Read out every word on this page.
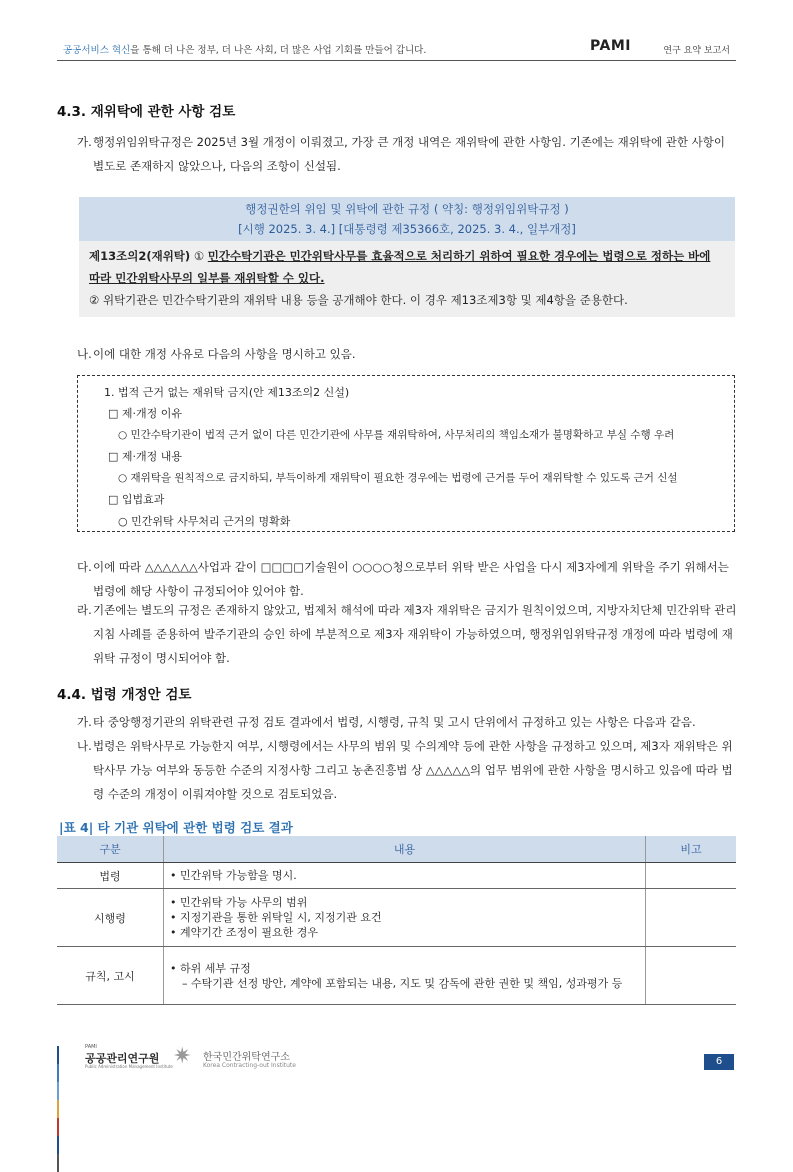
공공서비스 혁신을 통해 더 나은 정부, 더 나은 사회, 더 많은 사업 기회를 만들어 갑니다.	PAMI	연구 요약 보고서
4.3. 재위탁에 관한 사항 검토
가. 행정위임위탁규정은 2025년 3월 개정이 이뤄졌고, 가장 큰 개정 내역은 재위탁에 관한 사항임. 기존에는 재위탁에 관한 사항이 별도로 존재하지 않았으나, 다음의 조항이 신설됨.
행정권한의 위임 및 위탁에 관한 규정 ( 약칭: 행정위임위탁규정 )
[시행 2025. 3. 4.] [대통령령 제35366호, 2025. 3. 4., 일부개정]
제13조의2(재위탁) ① 민간수탁기관은 민간위탁사무를 효율적으로 처리하기 위하여 필요한 경우에는 법령으로 정하는 바에 따라 민간위탁사무의 일부를 재위탁할 수 있다.
② 위탁기관은 민간수탁기관의 재위탁 내용 등을 공개해야 한다. 이 경우 제13조제3항 및 제4항을 준용한다.
나. 이에 대한 개정 사유로 다음의 사항을 명시하고 있음.
1. 법적 근거 없는 재위탁 금지(안 제13조의2 신설)
□ 제·개정 이유
○ 민간수탁기관이 법적 근거 없이 다른 민간기관에 사무를 재위탁하여, 사무처리의 책임소재가 불명확하고 부실 수행 우려
□ 제·개정 내용
○ 재위탁을 원칙적으로 금지하되, 부득이하게 재위탁이 필요한 경우에는 법령에 근거를 두어 재위탁할 수 있도록 근거 신설
□ 입법효과
○ 민간위탁 사무처리 근거의 명확화
다. 이에 따라 △△△△△△사업과 같이 □□□□기술원이 ○○○○청으로부터 위탁 받은 사업을 다시 제3자에게 위탁을 주기 위해서는 법령에 해당 사항이 규정되어야 있어야 함.
라. 기존에는 별도의 규정은 존재하지 않았고, 법제처 해석에 따라 제3자 재위탁은 금지가 원칙이었으며, 지방자치단체 민간위탁 관리지침 사례를 준용하여 발주기관의 승인 하에 부분적으로 제3자 재위탁이 가능하였으며, 행정위임위탁규정 개정에 따라 법령에 재위탁 규정이 명시되어야 함.
4.4. 법령 개정안 검토
가. 타 중앙행정기관의 위탁관련 규정 검토 결과에서 법령, 시행령, 규칙 및 고시 단위에서 규정하고 있는 사항은 다음과 같음.
나. 법령은 위탁사무로 가능한지 여부, 시행령에서는 사무의 범위 및 수의계약 등에 관한 사항을 규정하고 있으며, 제3자 재위탁은 위탁사무 가능 여부와 동등한 수준의 지정사항 그리고 농촌진흥법 상 △△△△△의 업무 범위에 관한 사항을 명시하고 있음에 따라 법령 수준의 개정이 이뤄져야할 것으로 검토되었음.
|표 4| 타 기관 위탁에 관한 법령 검토 결과
구분	내용	비고
법령	• 민간위탁 가능함을 명시.

시행령	• 민간위탁 가능 사무의 범위
• 지정기관을 통한 위탁일 시, 지정기관 요건
• 계약기간 조정이 필요한 경우

규칙, 고시	• 하위 세부 규정
– 수탁기관 선정 방안, 계약에 포함되는 내용, 지도 및 감독에 관한 권한 및 책임, 성과평가 등

PAMI
공공관리연구원
Public Administration Management Institute ✷ 한국민간위탁연구소
Korea Contracting-out Institute	6
